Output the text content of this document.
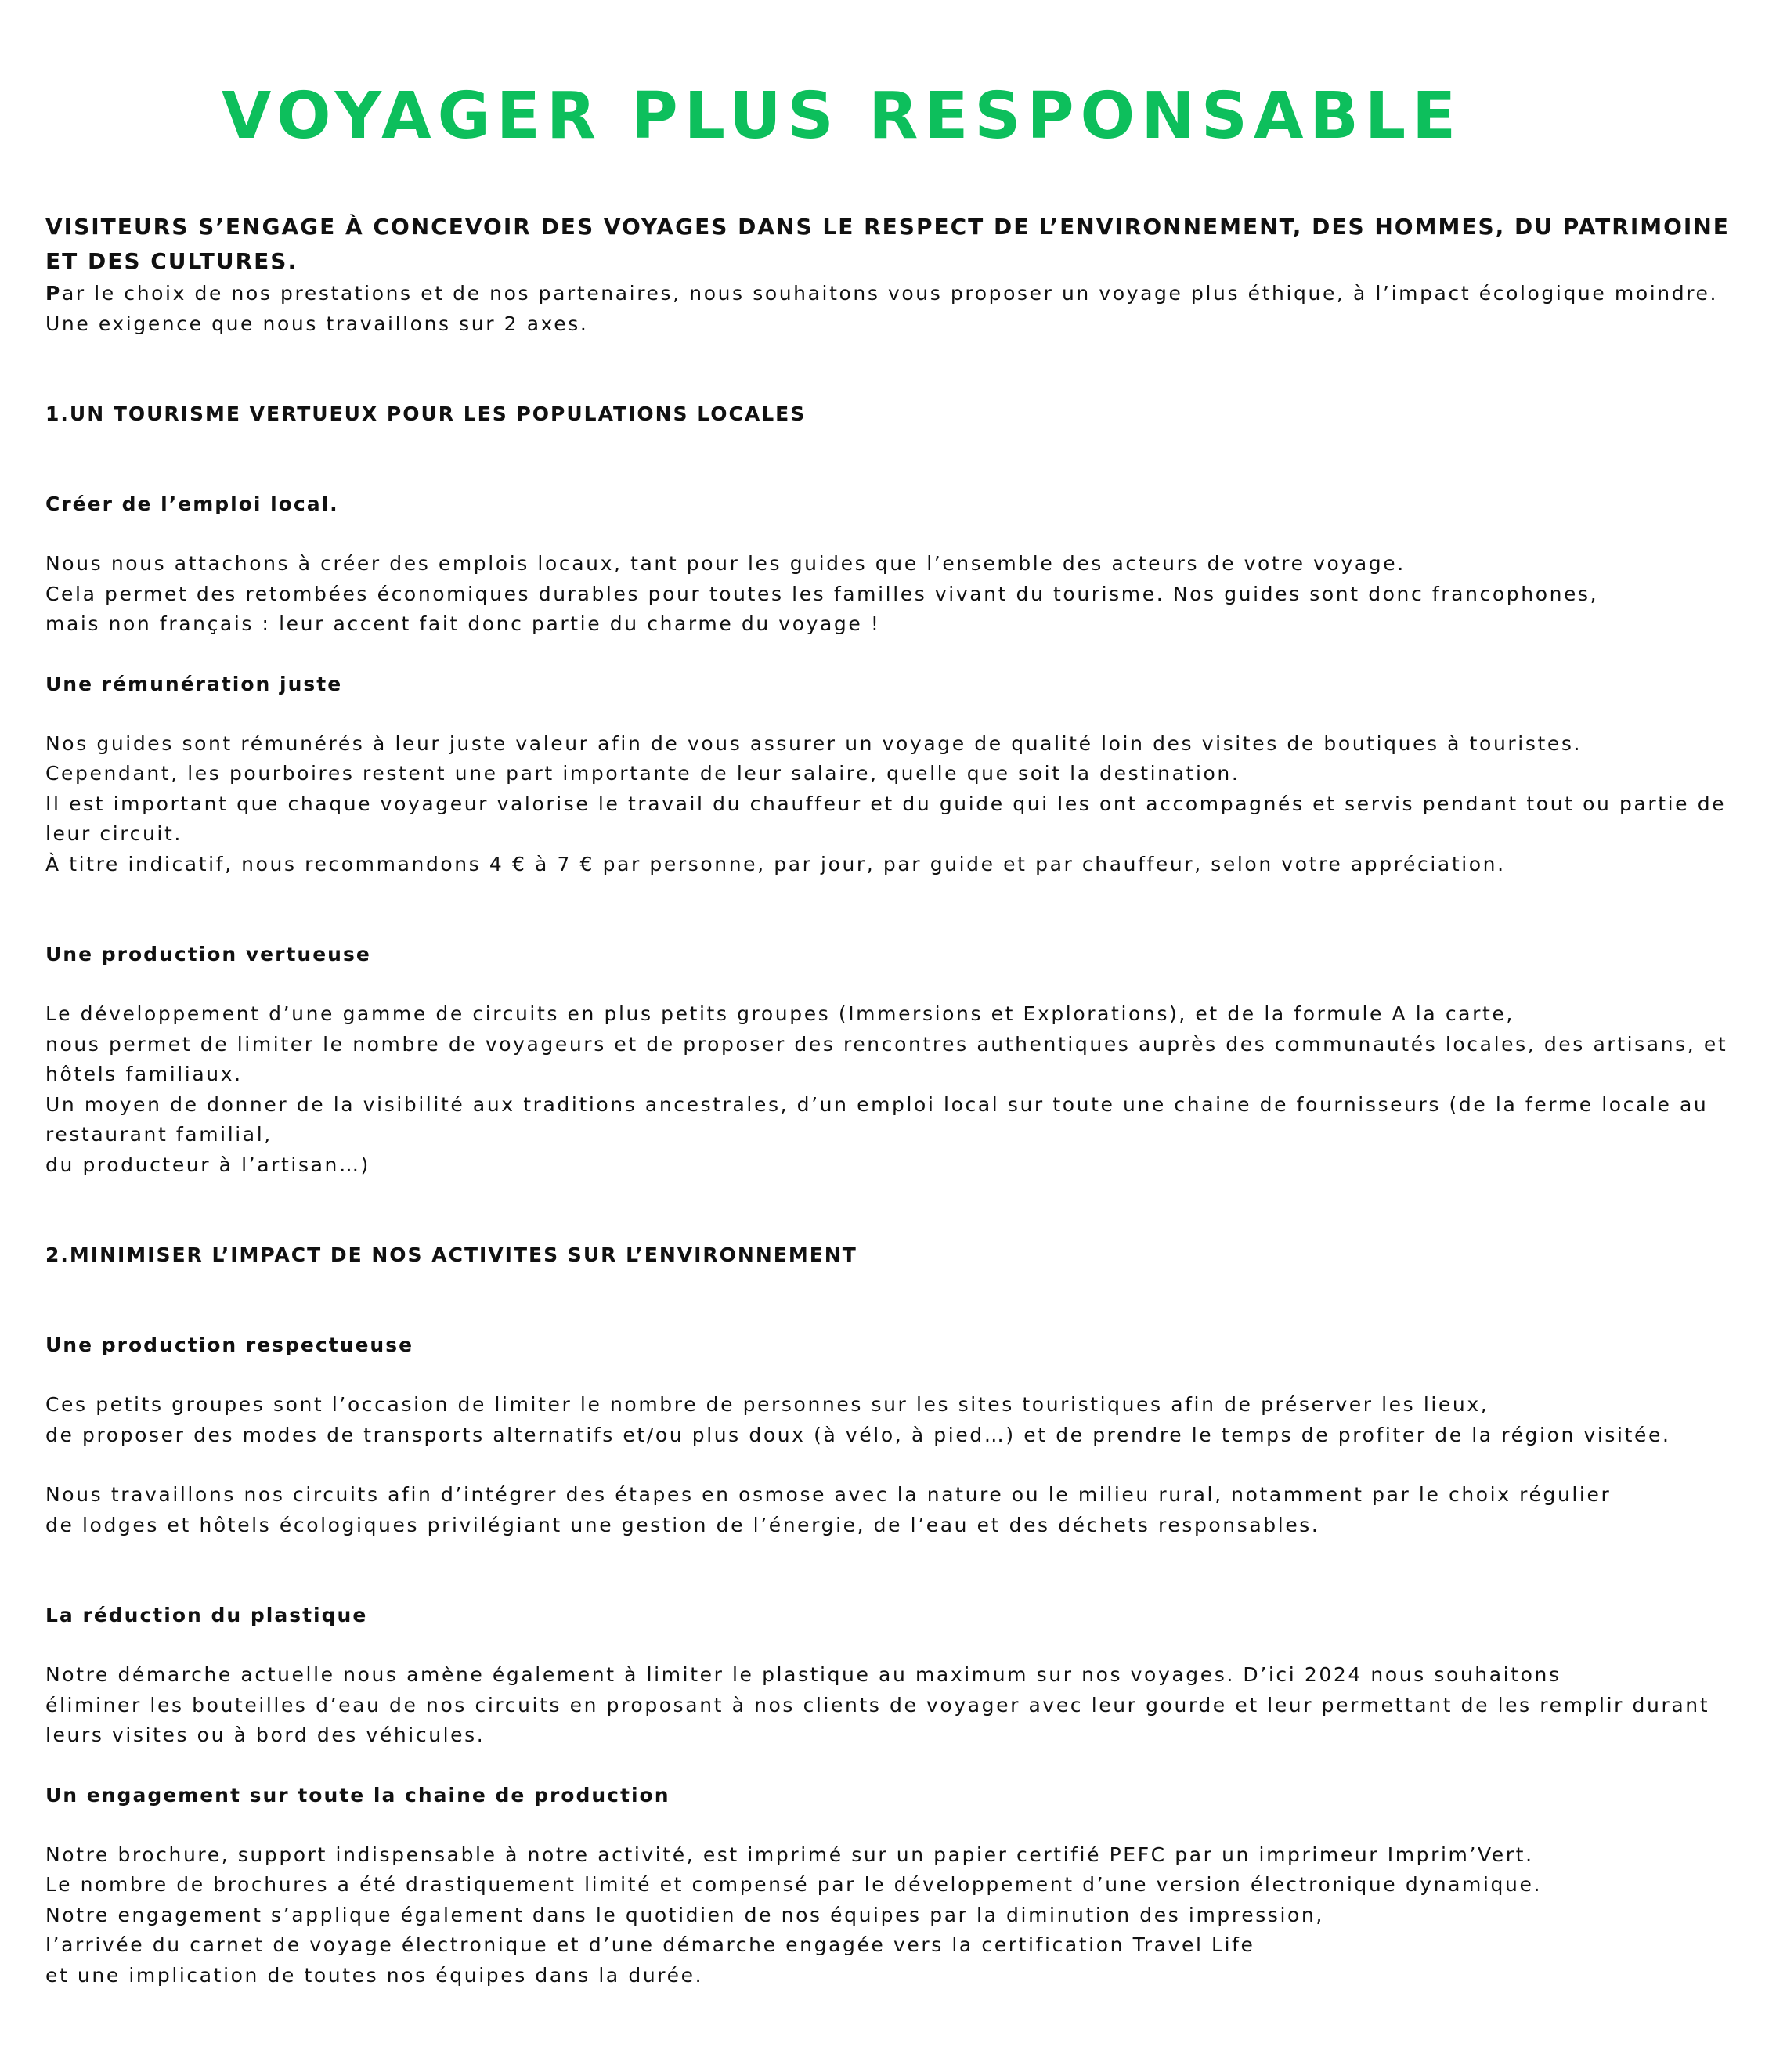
VOYAGER PLUS RESPONSABLE
VISITEURS S’ENGAGE À CONCEVOIR DES VOYAGES DANS LE RESPECT DE L’ENVIRONNEMENT, DES HOMMES, DU PATRIMOINE ET DES CULTURES.

Par le choix de nos prestations et de nos partenaires, nous souhaitons vous proposer un voyage plus éthique, à l’impact écologique moindre.
Une exigence que nous travaillons sur 2 axes.

1.UN TOURISME VERTUEUX POUR LES POPULATIONS LOCALES
Créer de l’emploi local.

Nous nous attachons à créer des emplois locaux, tant pour les guides que l’ensemble des acteurs de votre voyage.
Cela permet des retombées économiques durables pour toutes les familles vivant du tourisme. Nos guides sont donc francophones,
mais non français : leur accent fait donc partie du charme du voyage !

Une rémunération juste

Nos guides sont rémunérés à leur juste valeur afin de vous assurer un voyage de qualité loin des visites de boutiques à touristes.
Cependant, les pourboires restent une part importante de leur salaire, quelle que soit la destination.
Il est important que chaque voyageur valorise le travail du chauffeur et du guide qui les ont accompagnés et servis pendant tout ou partie de leur circuit.
À titre indicatif, nous recommandons 4 € à 7 € par personne, par jour, par guide et par chauffeur, selon votre appréciation.

Une production vertueuse

Le développement d’une gamme de circuits en plus petits groupes (Immersions et Explorations), et de la formule A la carte,
nous permet de limiter le nombre de voyageurs et de proposer des rencontres authentiques auprès des communautés locales, des artisans, et hôtels familiaux.
Un moyen de donner de la visibilité aux traditions ancestrales, d’un emploi local sur toute une chaine de fournisseurs (de la ferme locale au restaurant familial,
du producteur à l’artisan…)

2.MINIMISER L’IMPACT DE NOS ACTIVITES SUR L’ENVIRONNEMENT
Une production respectueuse

Ces petits groupes sont l’occasion de limiter le nombre de personnes sur les sites touristiques afin de préserver les lieux,
de proposer des modes de transports alternatifs et/ou plus doux (à vélo, à pied…) et de prendre le temps de profiter de la région visitée.

Nous travaillons nos circuits afin d’intégrer des étapes en osmose avec la nature ou le milieu rural, notamment par le choix régulier
de lodges et hôtels écologiques privilégiant une gestion de l’énergie, de l’eau et des déchets responsables.

La réduction du plastique

Notre démarche actuelle nous amène également à limiter le plastique au maximum sur nos voyages. D’ici 2024 nous souhaitons
éliminer les bouteilles d’eau de nos circuits en proposant à nos clients de voyager avec leur gourde et leur permettant de les remplir durant leurs visites ou à bord des véhicules.

Un engagement sur toute la chaine de production

Notre brochure, support indispensable à notre activité, est imprimé sur un papier certifié PEFC par un imprimeur Imprim’Vert.
Le nombre de brochures a été drastiquement limité et compensé par le développement d’une version électronique dynamique.
Notre engagement s’applique également dans le quotidien de nos équipes par la diminution des impression,
l’arrivée du carnet de voyage électronique et d’une démarche engagée vers la certification Travel Life
et une implication de toutes nos équipes dans la durée.
